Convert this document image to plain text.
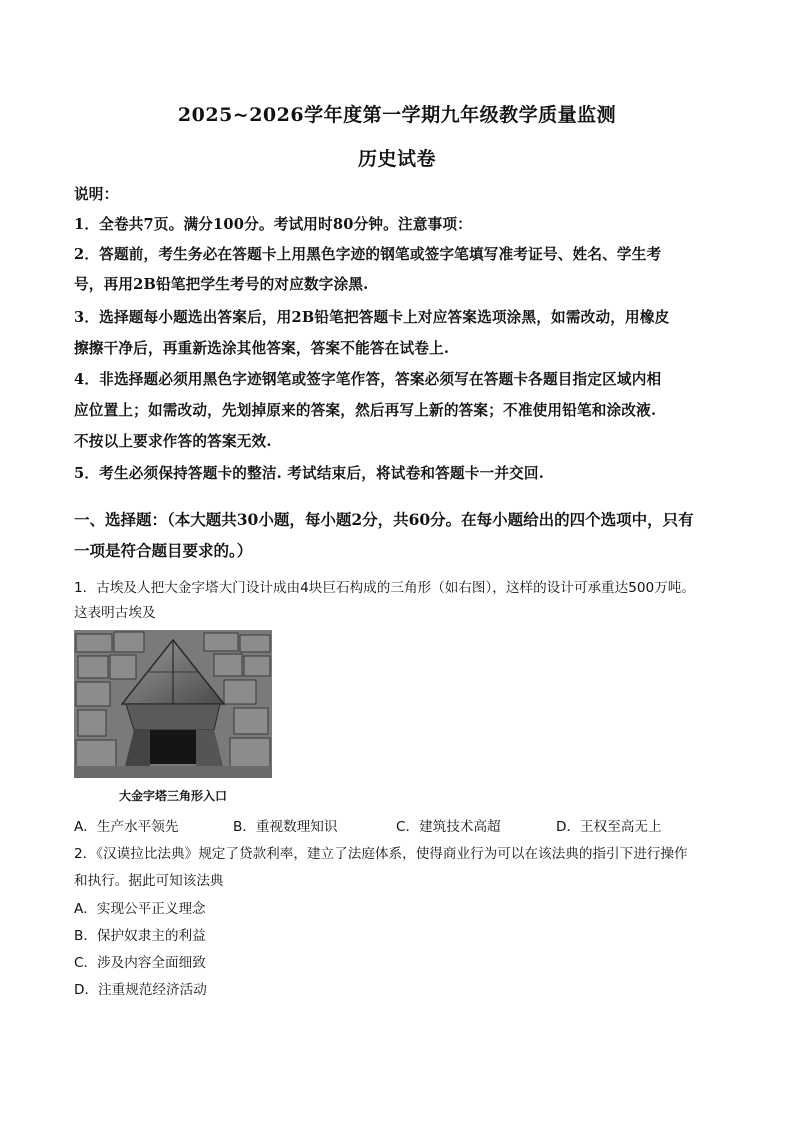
2025~2026学年度第一学期九年级教学质量监测
历史试卷
说明：
1．全卷共7页。满分100分。考试用时80分钟。注意事项：
2．答题前，考生务必在答题卡上用黑色字迹的钢笔或签字笔填写准考证号、姓名、学生考
号，再用2B铅笔把学生考号的对应数字涂黑.
3．选择题每小题选出答案后，用2B铅笔把答题卡上对应答案选项涂黑，如需改动，用橡皮
擦擦干净后，再重新选涂其他答案，答案不能答在试卷上.
4．非选择题必须用黑色字迹钢笔或签字笔作答，答案必须写在答题卡各题目指定区域内相
应位置上；如需改动，先划掉原来的答案，然后再写上新的答案；不准使用铅笔和涂改液.
不按以上要求作答的答案无效.
5．考生必须保持答题卡的整洁. 考试结束后，将试卷和答题卡一并交回.
一、选择题：（本大题共30小题，每小题2分，共60分。在每小题给出的四个选项中，只有
一项是符合题目要求的。）
1．古埃及人把大金字塔大门设计成由4块巨石构成的三角形（如右图），这样的设计可承重达500万吨。
这表明古埃及
大金字塔三角形入口
A．生产水平领先	B．重视数理知识	C．建筑技术高超	D．王权至高无上
2．《汉谟拉比法典》规定了贷款利率，建立了法庭体系，使得商业行为可以在该法典的指引下进行操作
和执行。据此可知该法典
A．实现公平正义理念
B．保护奴隶主的利益
C．涉及内容全面细致
D．注重规范经济活动
